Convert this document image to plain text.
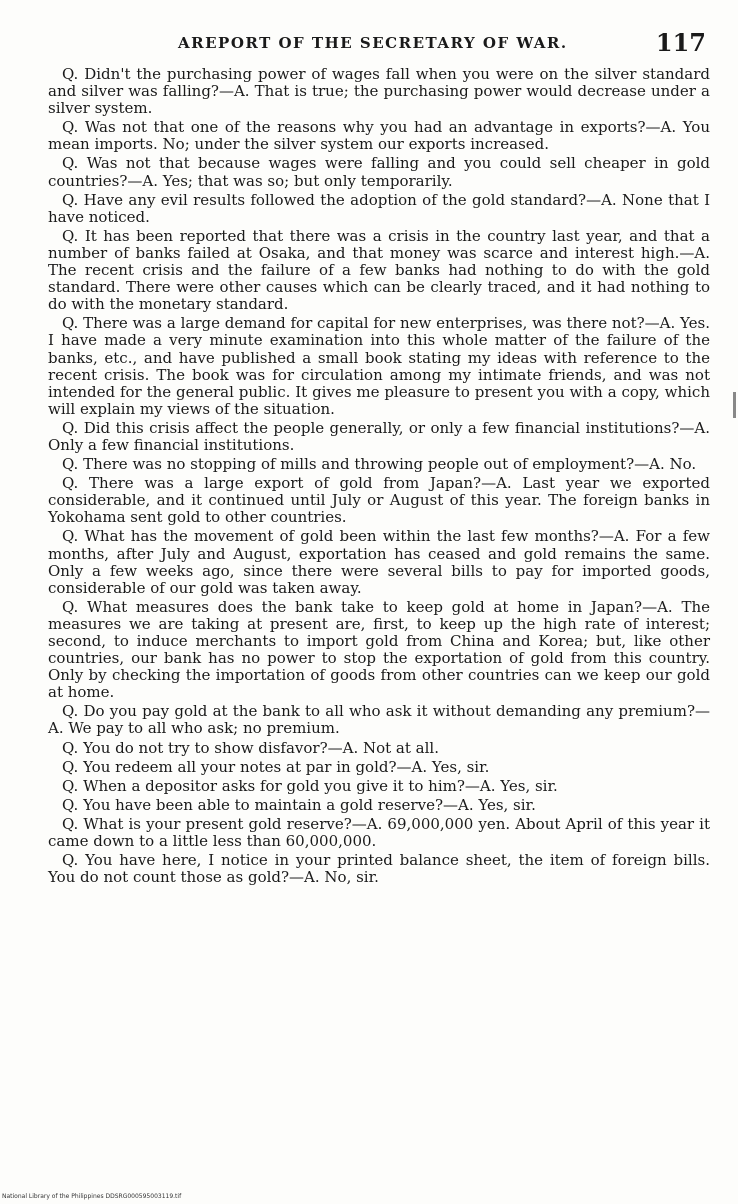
AREPORT OF THE SECRETARY OF WAR.	117

Q. Didn't the purchasing power of wages fall when you were on the silver standard and silver was falling?—A. That is true; the purchasing power would decrease under a silver system.

Q. Was not that one of the reasons why you had an advantage in exports?—A. You mean imports. No; under the silver system our exports increased.

Q. Was not that because wages were falling and you could sell cheaper in gold countries?—A. Yes; that was so; but only temporarily.

Q. Have any evil results followed the adoption of the gold standard?—A. None that I have noticed.

Q. It has been reported that there was a crisis in the country last year, and that a number of banks failed at Osaka, and that money was scarce and interest high.—A. The recent crisis and the failure of a few banks had nothing to do with the gold standard. There were other causes which can be clearly traced, and it had nothing to do with the monetary standard.

Q. There was a large demand for capital for new enterprises, was there not?—A. Yes. I have made a very minute examination into this whole matter of the failure of the banks, etc., and have published a small book stating my ideas with reference to the recent crisis. The book was for circulation among my intimate friends, and was not intended for the general public. It gives me pleasure to present you with a copy, which will explain my views of the situation.

Q. Did this crisis affect the people generally, or only a few financial institutions?—A. Only a few financial institutions.

Q. There was no stopping of mills and throwing people out of employment?—A. No.

Q. There was a large export of gold from Japan?—A. Last year we exported considerable, and it continued until July or August of this year. The foreign banks in Yokohama sent gold to other countries.

Q. What has the movement of gold been within the last few months?—A. For a few months, after July and August, exportation has ceased and gold remains the same. Only a few weeks ago, since there were several bills to pay for imported goods, considerable of our gold was taken away.

Q. What measures does the bank take to keep gold at home in Japan?—A. The measures we are taking at present are, first, to keep up the high rate of interest; second, to induce merchants to import gold from China and Korea; but, like other countries, our bank has no power to stop the exportation of gold from this country. Only by checking the importation of goods from other countries can we keep our gold at home.

Q. Do you pay gold at the bank to all who ask it without demanding any premium?—A. We pay to all who ask; no premium.

Q. You do not try to show disfavor?—A. Not at all.

Q. You redeem all your notes at par in gold?—A. Yes, sir.

Q. When a depositor asks for gold you give it to him?—A. Yes, sir.

Q. You have been able to maintain a gold reserve?—A. Yes, sir.

Q. What is your present gold reserve?—A. 69,000,000 yen. About April of this year it came down to a little less than 60,000,000.

Q. You have here, I notice in your printed balance sheet, the item of foreign bills. You do not count those as gold?—A. No, sir.

National Library of the Philippines DDSRG000595003119.tif
